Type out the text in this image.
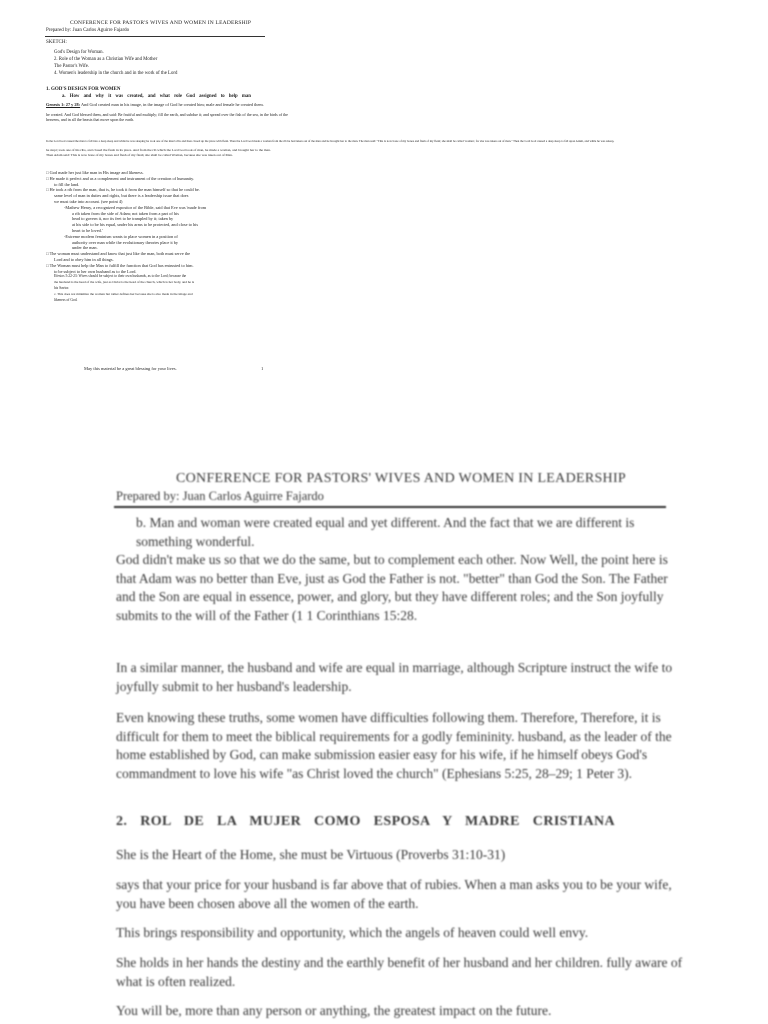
CONFERENCE FOR PASTOR'S WIVES AND WOMEN IN LEADERSHIP
Prepared by: Juan Carlos Aguirre Fajardo
SKETCH:
God's Design for Woman.
2. Role of the Woman as a Christian Wife and Mother
The Pastor's Wife.
4. Women's leadership in the church and in the work of the Lord
1. GOD'S DESIGN FOR WOMEN
a. How and why it was created, and what role God assigned to help man
Genesis 1: 27 y 28: And God created man in his image, in the image of God he created him; male and female he created them.
he created. And God blessed them, and said: Be fruitful and multiply; fill the earth, and subdue it; and spread over the fish of the sea, in the birds of the heavens, and in all the beasts that move upon the earth.
In the Lord God caused the man to fall into a deep sleep and while he was sleeping he took one of the man's ribs and then closed up the place with flesh. Then the Lord God made a woman from the rib he had taken out of the man and he brought her to the man. The man said: "This is now bone of my bones and flesh of my flesh; she shall be called 'woman', for she was taken out of man." Then the Lord God caused a deep sleep to fall upon Adam, and while he was asleep,
he slept; took one of his ribs, and closed the flesh in its place. And from the rib which the Lord God took of man, he made a woman, and brought her to the man. Then Adam said: This is now bone of my bones and flesh of my flesh; she shall be called Woman, because she was taken out of Man.
□ God made her just like man in His image and likeness.
□ He made it perfect and as a complement and instrument of the creation of humanity.
to fill the land.
□ He took a rib from the man, that is, he took it from the man himself so that he could be.
same level of man in duties and rights, but there is a leadership issue that does
we must take into account. (see point 4)
-Mathew Henry, a recognized expositor of the Bible, said that Eve was 'made from
a rib taken from the side of Adam; not taken from a part of his
head to govern it, nor its feet to be trampled by it; taken by
at his side to be his equal, under his arms to be protected, and close to his
heart to be loved.'
-Extreme modern feminism wants to place women in a position of
authority over man while the evolutionary theories place it by
under the man.
□ The woman must understand and know that just like the man, both must serve the
Lord and to obey him in all things.
□ The Woman must help the Man to fulfill the function that God has entrusted to him.
to be subject to her own husband as to the Lord.
Efesios 5:22-23: Wives should be subject to their own husbands, as to the Lord; because the
the husband is the head of the wife, just as Christ is the head of the church, which is her body, and he is
his Savior.
c. This does not minimize the woman but rather defines her because she is also made in the image and
likeness of God.
May this material be a great blessing for your lives.	1
CONFERENCE FOR PASTORS' WIVES AND WOMEN IN LEADERSHIP
Prepared by: Juan Carlos Aguirre Fajardo
b. Man and woman were created equal and yet different. And the fact that we are different is something wonderful.
God didn't make us so that we do the same, but to complement each other. Now Well, the point here is that Adam was no better than Eve, just as God the Father is not. "better" than God the Son. The Father and the Son are equal in essence, power, and glory, but they have different roles; and the Son joyfully submits to the will of the Father (1 1 Corinthians 15:28.
In a similar manner, the husband and wife are equal in marriage, although Scripture instruct the wife to joyfully submit to her husband's leadership.
Even knowing these truths, some women have difficulties following them. Therefore, Therefore, it is difficult for them to meet the biblical requirements for a godly femininity. husband, as the leader of the home established by God, can make submission easier easy for his wife, if he himself obeys God's commandment to love his wife "as Christ loved the church" (Ephesians 5:25, 28–29; 1 Peter 3).
2. ROL DE LA MUJER COMO ESPOSA Y MADRE CRISTIANA
She is the Heart of the Home, she must be Virtuous (Proverbs 31:10-31)
says that your price for your husband is far above that of rubies. When a man asks you to be your wife, you have been chosen above all the women of the earth.
This brings responsibility and opportunity, which the angels of heaven could well envy.
She holds in her hands the destiny and the earthly benefit of her husband and her children. fully aware of what is often realized.
You will be, more than any person or anything, the greatest impact on the future.
